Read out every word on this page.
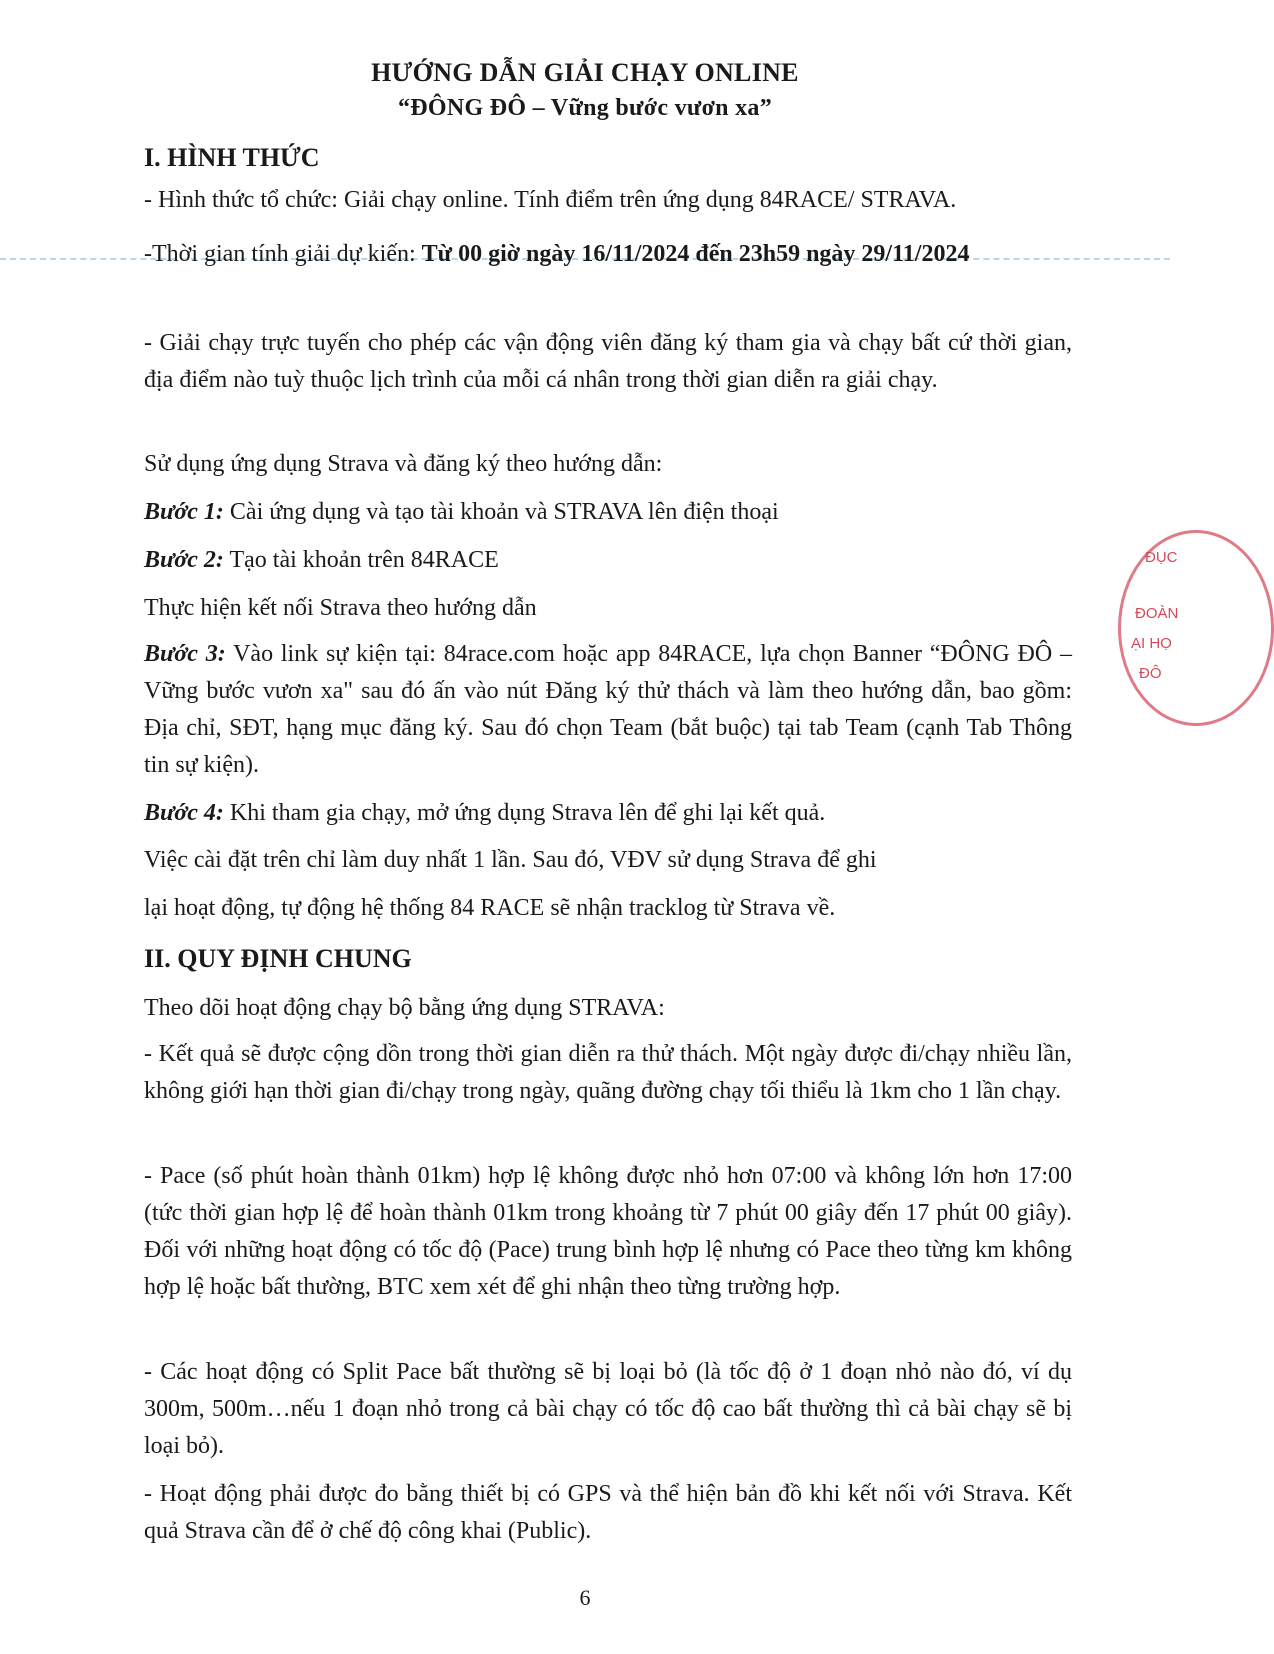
HƯỚNG DẪN GIẢI CHẠY ONLINE
“ĐÔNG ĐÔ – Vững bước vươn xa”
I. HÌNH THỨC
- Hình thức tổ chức: Giải chạy online. Tính điểm trên ứng dụng 84RACE/ STRAVA.
-Thời gian tính giải dự kiến: Từ 00 giờ ngày 16/11/2024 đến 23h59 ngày 29/11/2024
- Giải chạy trực tuyến cho phép các vận động viên đăng ký tham gia và chạy bất cứ thời gian, địa điểm nào tuỳ thuộc lịch trình của mỗi cá nhân trong thời gian diễn ra giải chạy.
Sử dụng ứng dụng Strava và đăng ký theo hướng dẫn:
Bước 1: Cài ứng dụng và tạo tài khoản và STRAVA lên điện thoại
Bước 2: Tạo tài khoản trên 84RACE
Thực hiện kết nối Strava theo hướng dẫn
Bước 3: Vào link sự kiện tại: 84race.com hoặc app 84RACE, lựa chọn Banner “ĐÔNG ĐÔ – Vững bước vươn xa" sau đó ấn vào nút Đăng ký thử thách và làm theo hướng dẫn, bao gồm: Địa chỉ, SĐT, hạng mục đăng ký. Sau đó chọn Team (bắt buộc) tại tab Team (cạnh Tab Thông tin sự kiện).
Bước 4: Khi tham gia chạy, mở ứng dụng Strava lên để ghi lại kết quả.
Việc cài đặt trên chỉ làm duy nhất 1 lần. Sau đó, VĐV sử dụng Strava để ghi
lại hoạt động, tự động hệ thống 84 RACE sẽ nhận tracklog từ Strava về.
II. QUY ĐỊNH CHUNG
Theo dõi hoạt động chạy bộ bằng ứng dụng STRAVA:
- Kết quả sẽ được cộng dồn trong thời gian diễn ra thử thách. Một ngày được đi/chạy nhiều lần, không giới hạn thời gian đi/chạy trong ngày, quãng đường chạy tối thiểu là 1km cho 1 lần chạy.
- Pace (số phút hoàn thành 01km) hợp lệ không được nhỏ hơn 07:00 và không lớn hơn 17:00 (tức thời gian hợp lệ để hoàn thành 01km trong khoảng từ 7 phút 00 giây đến 17 phút 00 giây). Đối với những hoạt động có tốc độ (Pace) trung bình hợp lệ nhưng có Pace theo từng km không hợp lệ hoặc bất thường, BTC xem xét để ghi nhận theo từng trường hợp.
- Các hoạt động có Split Pace bất thường sẽ bị loại bỏ (là tốc độ ở 1 đoạn nhỏ nào đó, ví dụ 300m, 500m…nếu 1 đoạn nhỏ trong cả bài chạy có tốc độ cao bất thường thì cả bài chạy sẽ bị loại bỏ).
- Hoạt động phải được đo bằng thiết bị có GPS và thể hiện bản đồ khi kết nối với Strava. Kết quả Strava cần để ở chế độ công khai (Public).
6
ĐỤC
ĐOÀN
ẠI HỌ
ĐÔ
